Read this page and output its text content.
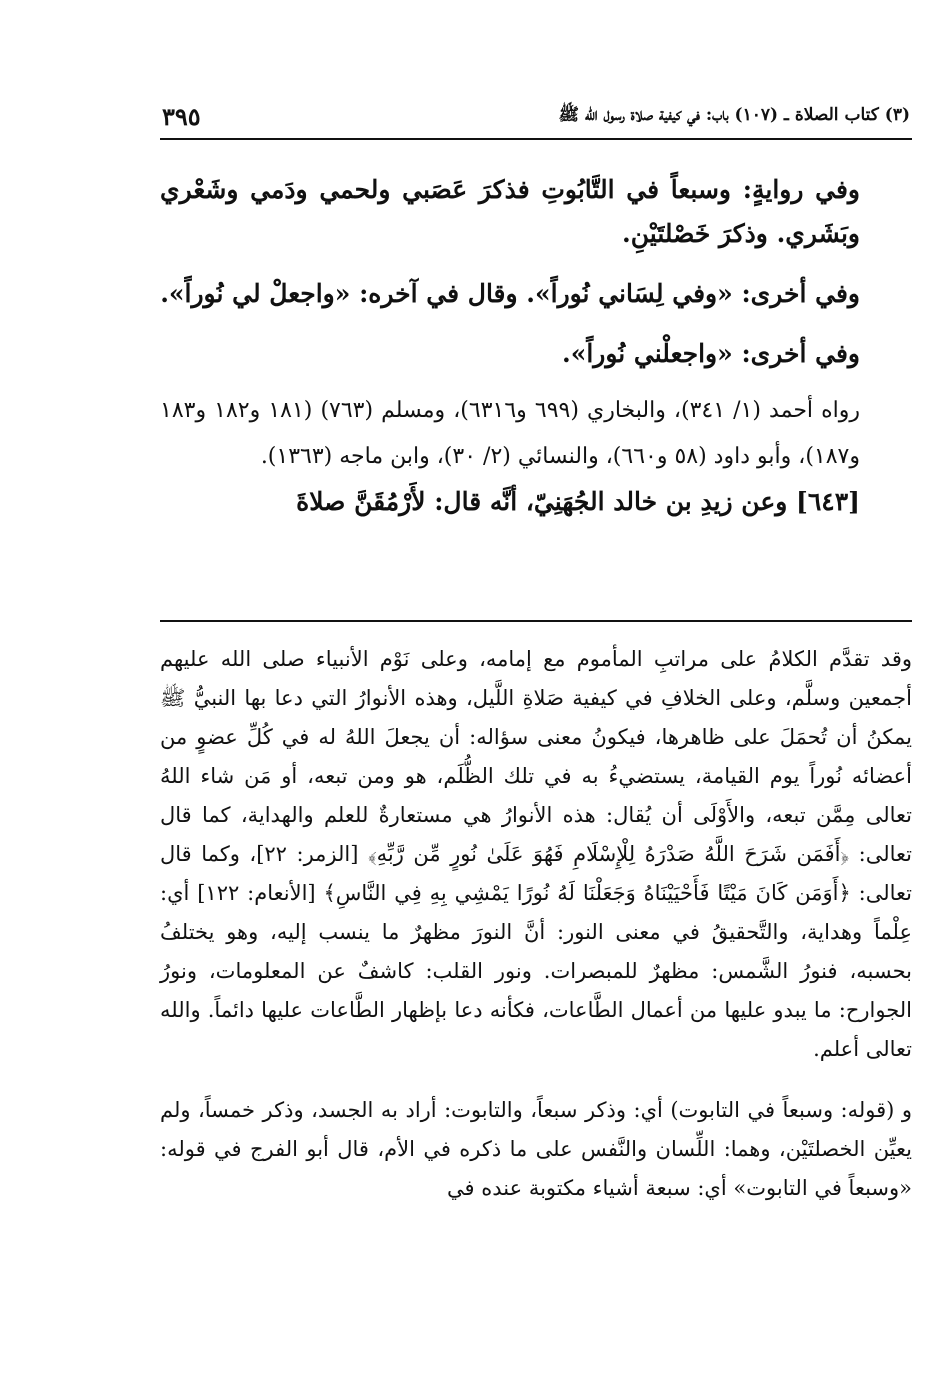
(٣) كتاب الصلاة ـ (١٠٧) باب: في كيفية صلاة رسول الله ﷺ
٣٩٥

وفي روايةٍ: وسبعاً في التَّابُوتِ فذكرَ عَصَبي ولحمي ودَمي وشَعْري وبَشَري. وذكرَ خَصْلتَيْنِ.

وفي أخرى: «وفي لِسَاني نُوراً». وقال في آخره: «واجعلْ لي نُوراً».

وفي أخرى: «واجعلْني نُوراً».

رواه أحمد (١/ ٣٤١)، والبخاري (٦٩٩ و٦٣١٦)، ومسلم (٧٦٣) (١٨١ و١٨٢ و١٨٣ و١٨٧)، وأبو داود (٥٨ و٦٦٠)، والنسائي (٢/ ٣٠)، وابن ماجه (١٣٦٣).

[٦٤٣] وعن زيدِ بن خالد الجُهَنِيّ، أنَّه قال: لأَرْمُقَنَّ صلاةَ

وقد تقدَّم الكلامُ على مراتبِ المأموم مع إمامه، وعلى نَوْم الأنبياء صلى الله عليهم أجمعين وسلَّم، وعلى الخلافِ في كيفية صَلاةِ اللَّيل، وهذه الأنوارُ التي دعا بها النبيُّ ﷺ يمكنُ أن تُحمَلَ على ظاهرها، فيكونُ معنى سؤاله: أن يجعلَ اللهُ له في كُلِّ عضوٍ من أعضائه نُوراً يوم القيامة، يستضيءُ به في تلك الظُّلَم، هو ومن تبعه، أو مَن شاء اللهُ تعالى مِمَّن تبعه، والأَوْلَى أن يُقال: هذه الأنوارُ هي مستعارةٌ للعلم والهداية، كما قال تعالى: ﴿أَفَمَن شَرَحَ اللَّهُ صَدْرَهُ لِلْإِسْلَامِ فَهُوَ عَلَىٰ نُورٍ مِّن رَّبِّهِ﴾ [الزمر: ٢٢]، وكما قال تعالى: ﴿أَوَمَن كَانَ مَيْتًا فَأَحْيَيْنَاهُ وَجَعَلْنَا لَهُ نُورًا يَمْشِي بِهِ فِي النَّاسِ﴾ [الأنعام: ١٢٢] أي: عِلْماً وهداية، والتَّحقيقُ في معنى النور: أنَّ النورَ مظهرٌ ما ينسب إليه، وهو يختلفُ بحسبه، فنورُ الشَّمس: مظهرٌ للمبصرات. ونور القلب: كاشفٌ عن المعلومات، ونورُ الجوارح: ما يبدو عليها من أعمال الطَّاعات، فكأنه دعا بإظهار الطَّاعات عليها دائماً. والله تعالى أعلم.

و (قوله: وسبعاً في التابوت) أي: وذكر سبعاً، والتابوت: أراد به الجسد، وذكر خمساً، ولم يعيِّن الخصلتَيْن، وهما: اللِّسان والنَّفس على ما ذكره في الأم، قال أبو الفرج في قوله: «وسبعاً في التابوت» أي: سبعة أشياء مكتوبة عنده في
